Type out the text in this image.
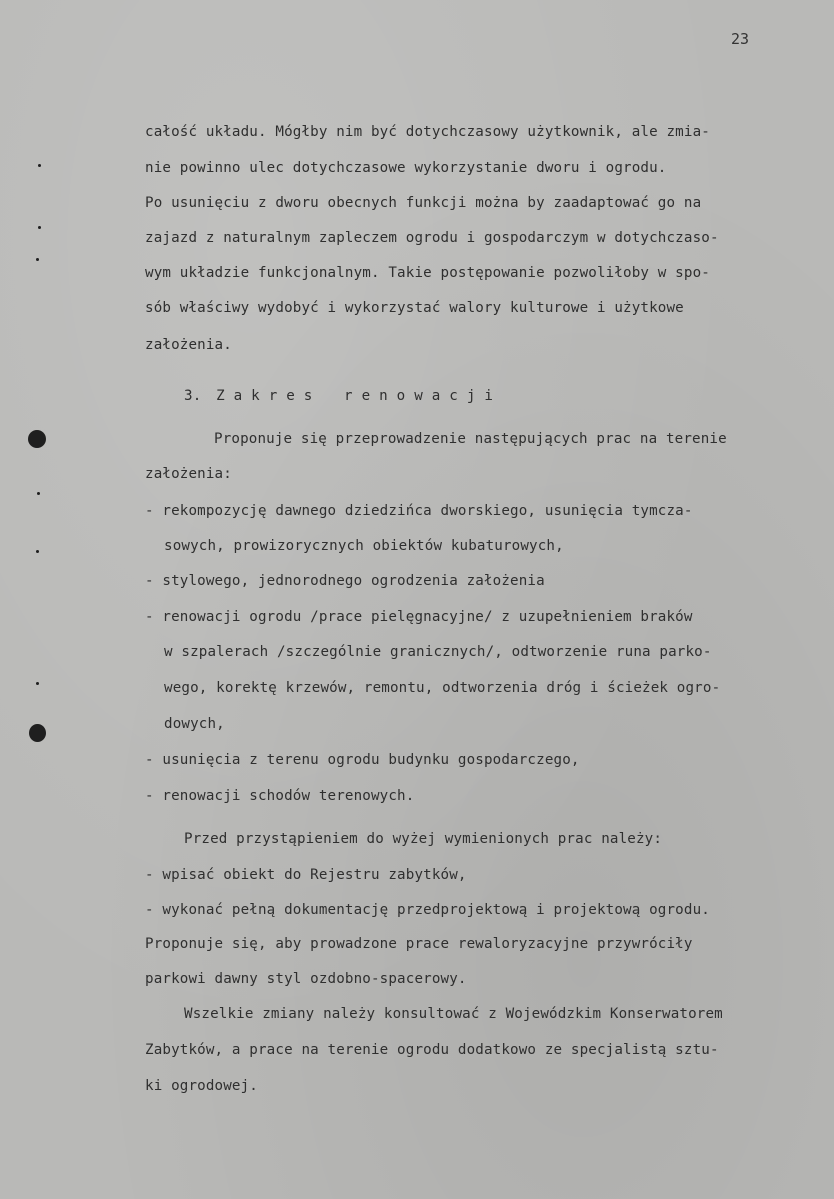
23
całość układu. Mógłby nim być dotychczasowy użytkownik, ale zmia-
nie powinno ulec dotychczasowe wykorzystanie dworu i ogrodu.
Po usunięciu z dworu obecnych funkcji można by zaadaptować go na
zajazd z naturalnym zapleczem ogrodu i gospodarczym w dotychczaso-
wym układzie funkcjonalnym. Takie postępowanie pozwoliłoby w spo-
sób właściwy wydobyć i wykorzystać walory kulturowe i użytkowe
założenia.
3. Zakres renowacji
Proponuje się przeprowadzenie następujących prac na terenie
założenia:
- rekompozycję dawnego dziedzińca dworskiego, usunięcia tymcza-
sowych, prowizorycznych obiektów kubaturowych,
- stylowego, jednorodnego ogrodzenia założenia
- renowacji ogrodu /prace pielęgnacyjne/ z uzupełnieniem braków
w szpalerach /szczególnie granicznych/, odtworzenie runa parko-
wego, korektę krzewów, remontu, odtworzenia dróg i ścieżek ogro-
dowych,
- usunięcia z terenu ogrodu budynku gospodarczego,
- renowacji schodów terenowych.
Przed przystąpieniem do wyżej wymienionych prac należy:
- wpisać obiekt do Rejestru zabytków,
- wykonać pełną dokumentację przedprojektową i projektową ogrodu.
Proponuje się, aby prowadzone prace rewaloryzacyjne przywróciły
parkowi dawny styl ozdobno-spacerowy.
Wszelkie zmiany należy konsultować z Wojewódzkim Konserwatorem
Zabytków, a prace na terenie ogrodu dodatkowo ze specjalistą sztu-
ki ogrodowej.
